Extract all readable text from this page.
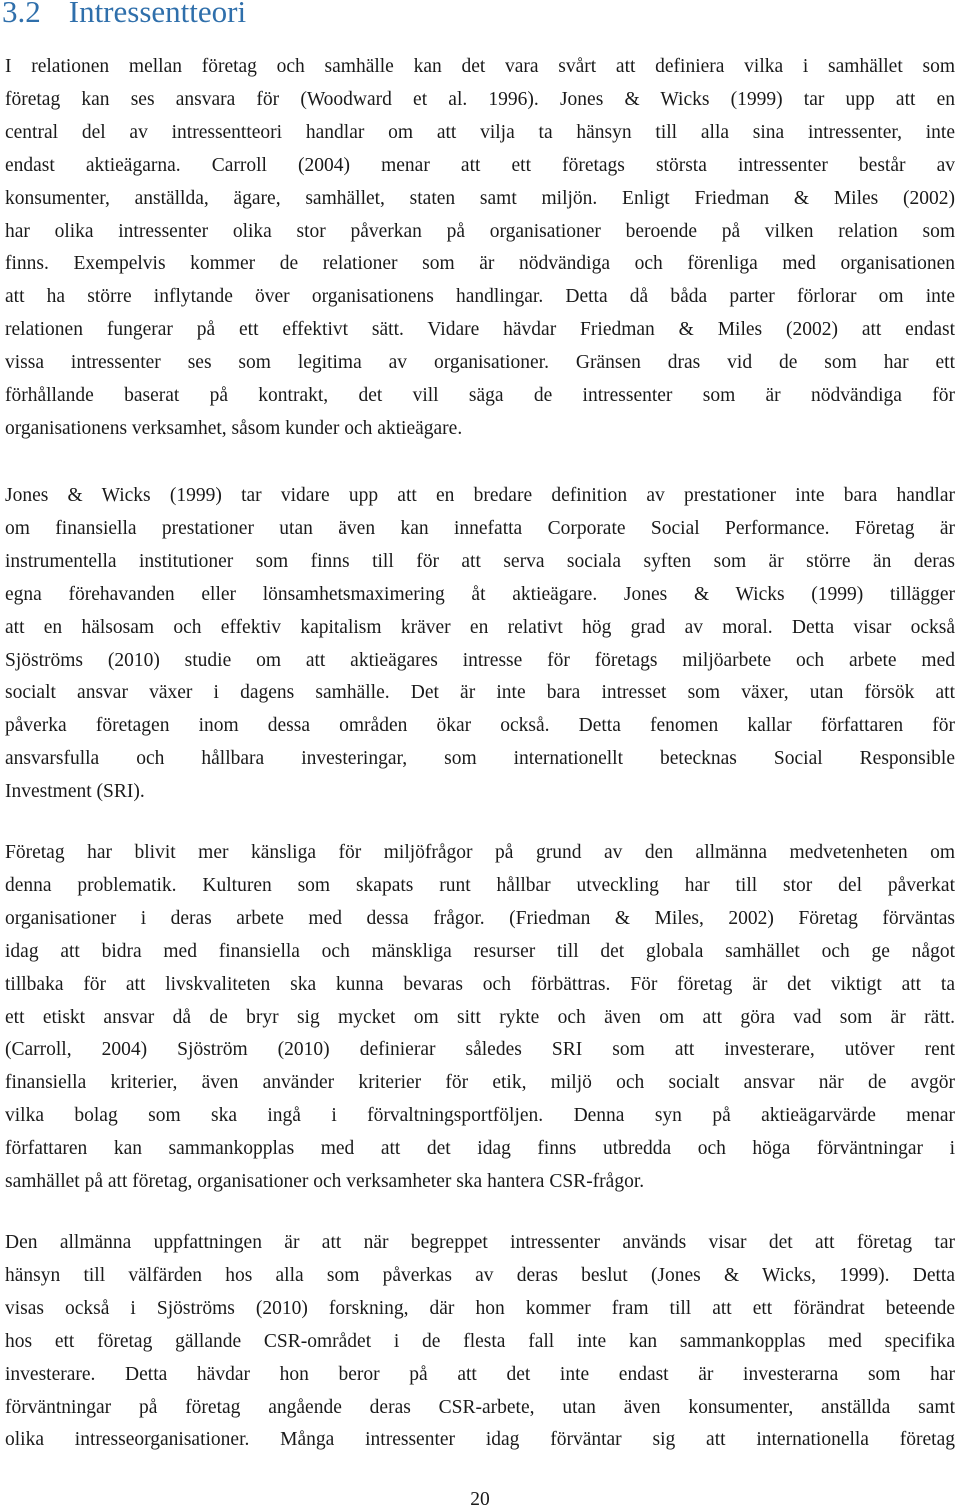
3.2 Intressentteori
I relationen mellan företag och samhälle kan det vara svårt att definiera vilka i samhället som
företag kan ses ansvara för (Woodward et al. 1996). Jones & Wicks (1999) tar upp att en
central del av intressentteori handlar om att vilja ta hänsyn till alla sina intressenter, inte
endast aktieägarna. Carroll (2004) menar att ett företags största intressenter består av
konsumenter, anställda, ägare, samhället, staten samt miljön. Enligt Friedman & Miles (2002)
har olika intressenter olika stor påverkan på organisationer beroende på vilken relation som
finns. Exempelvis kommer de relationer som är nödvändiga och förenliga med organisationen
att ha större inflytande över organisationens handlingar. Detta då båda parter förlorar om inte
relationen fungerar på ett effektivt sätt. Vidare hävdar Friedman & Miles (2002) att endast
vissa intressenter ses som legitima av organisationer. Gränsen dras vid de som har ett
förhållande baserat på kontrakt, det vill säga de intressenter som är nödvändiga för
organisationens verksamhet, såsom kunder och aktieägare.
Jones & Wicks (1999) tar vidare upp att en bredare definition av prestationer inte bara handlar
om finansiella prestationer utan även kan innefatta Corporate Social Performance. Företag är
instrumentella institutioner som finns till för att serva sociala syften som är större än deras
egna förehavanden eller lönsamhetsmaximering åt aktieägare. Jones & Wicks (1999) tillägger
att en hälsosam och effektiv kapitalism kräver en relativt hög grad av moral. Detta visar också
Sjöströms (2010) studie om att aktieägares intresse för företags miljöarbete och arbete med
socialt ansvar växer i dagens samhälle. Det är inte bara intresset som växer, utan försök att
påverka företagen inom dessa områden ökar också. Detta fenomen kallar författaren för
ansvarsfulla och hållbara investeringar, som internationellt betecknas Social Responsible
Investment (SRI).
Företag har blivit mer känsliga för miljöfrågor på grund av den allmänna medvetenheten om
denna problematik. Kulturen som skapats runt hållbar utveckling har till stor del påverkat
organisationer i deras arbete med dessa frågor. (Friedman & Miles, 2002) Företag förväntas
idag att bidra med finansiella och mänskliga resurser till det globala samhället och ge något
tillbaka för att livskvaliteten ska kunna bevaras och förbättras. För företag är det viktigt att ta
ett etiskt ansvar då de bryr sig mycket om sitt rykte och även om att göra vad som är rätt.
(Carroll, 2004) Sjöström (2010) definierar således SRI som att investerare, utöver rent
finansiella kriterier, även använder kriterier för etik, miljö och socialt ansvar när de avgör
vilka bolag som ska ingå i förvaltningsportföljen. Denna syn på aktieägarvärde menar
författaren kan sammankopplas med att det idag finns utbredda och höga förväntningar i
samhället på att företag, organisationer och verksamheter ska hantera CSR-frågor.
Den allmänna uppfattningen är att när begreppet intressenter används visar det att företag tar
hänsyn till välfärden hos alla som påverkas av deras beslut (Jones & Wicks, 1999). Detta
visas också i Sjöströms (2010) forskning, där hon kommer fram till att ett förändrat beteende
hos ett företag gällande CSR-området i de flesta fall inte kan sammankopplas med specifika
investerare. Detta hävdar hon beror på att det inte endast är investerarna som har
förväntningar på företag angående deras CSR-arbete, utan även konsumenter, anställda samt
olika intresseorganisationer. Många intressenter idag förväntar sig att internationella företag
20
